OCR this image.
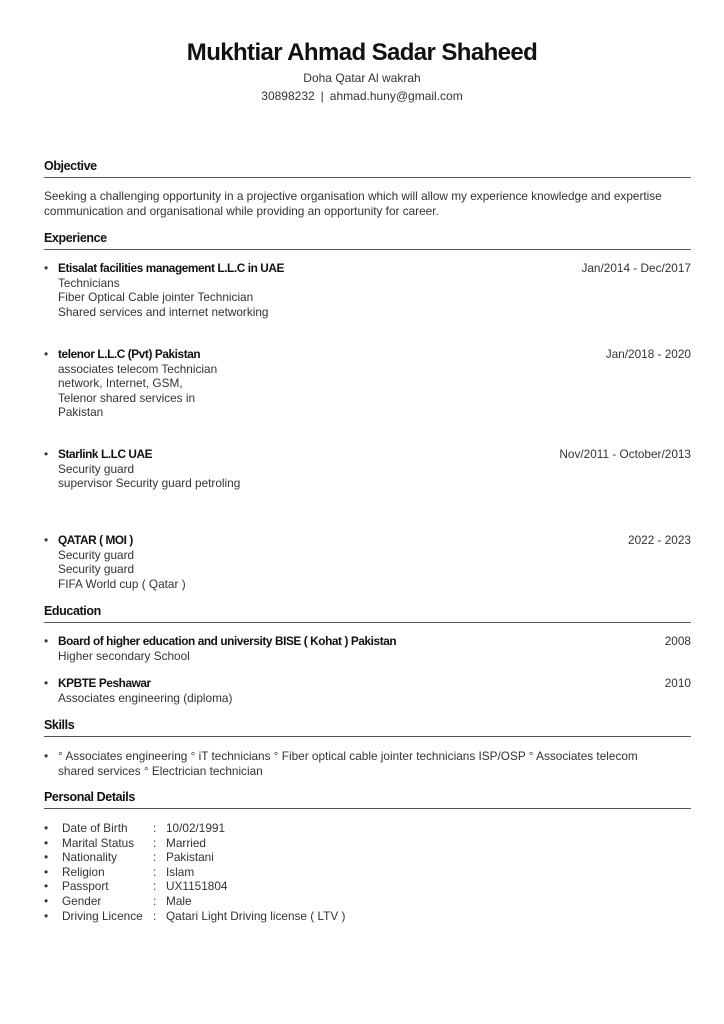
Mukhtiar Ahmad Sadar Shaheed
Doha Qatar Al wakrah
30898232 | ahmad.huny@gmail.com
Objective
Seeking a challenging opportunity in a projective organisation which will allow my experience knowledge and expertise communication and organisational while providing an opportunity for career.
Experience
• Etisalat facilities management L.L.C in UAE	Jan/2014 - Dec/2017
Technicians
Fiber Optical Cable jointer Technician
Shared services and internet networking
• telenor L.L.C (Pvt) Pakistan	Jan/2018 - 2020
associates telecom Technician
network, Internet, GSM,
Telenor shared services in
Pakistan
• Starlink L.LC UAE	Nov/2011 - October/2013
Security guard
supervisor Security guard petroling
• QATAR ( MOI )	2022 - 2023
Security guard
Security guard
FIFA World cup ( Qatar )
Education
• Board of higher education and university BISE ( Kohat ) Pakistan	2008
Higher secondary School
• KPBTE Peshawar	2010
Associates engineering (diploma)
Skills
• ° Associates engineering ° iT technicians ° Fiber optical cable jointer technicians ISP/OSP ° Associates telecom
shared services ° Electrician technician
Personal Details
•	Date of Birth	: 10/02/1991
•	Marital Status	: Married
•	Nationality	: Pakistani
•	Religion	: Islam
•	Passport	: UX1151804
•	Gender	: Male
•	Driving Licence : Qatari Light Driving license ( LTV )
